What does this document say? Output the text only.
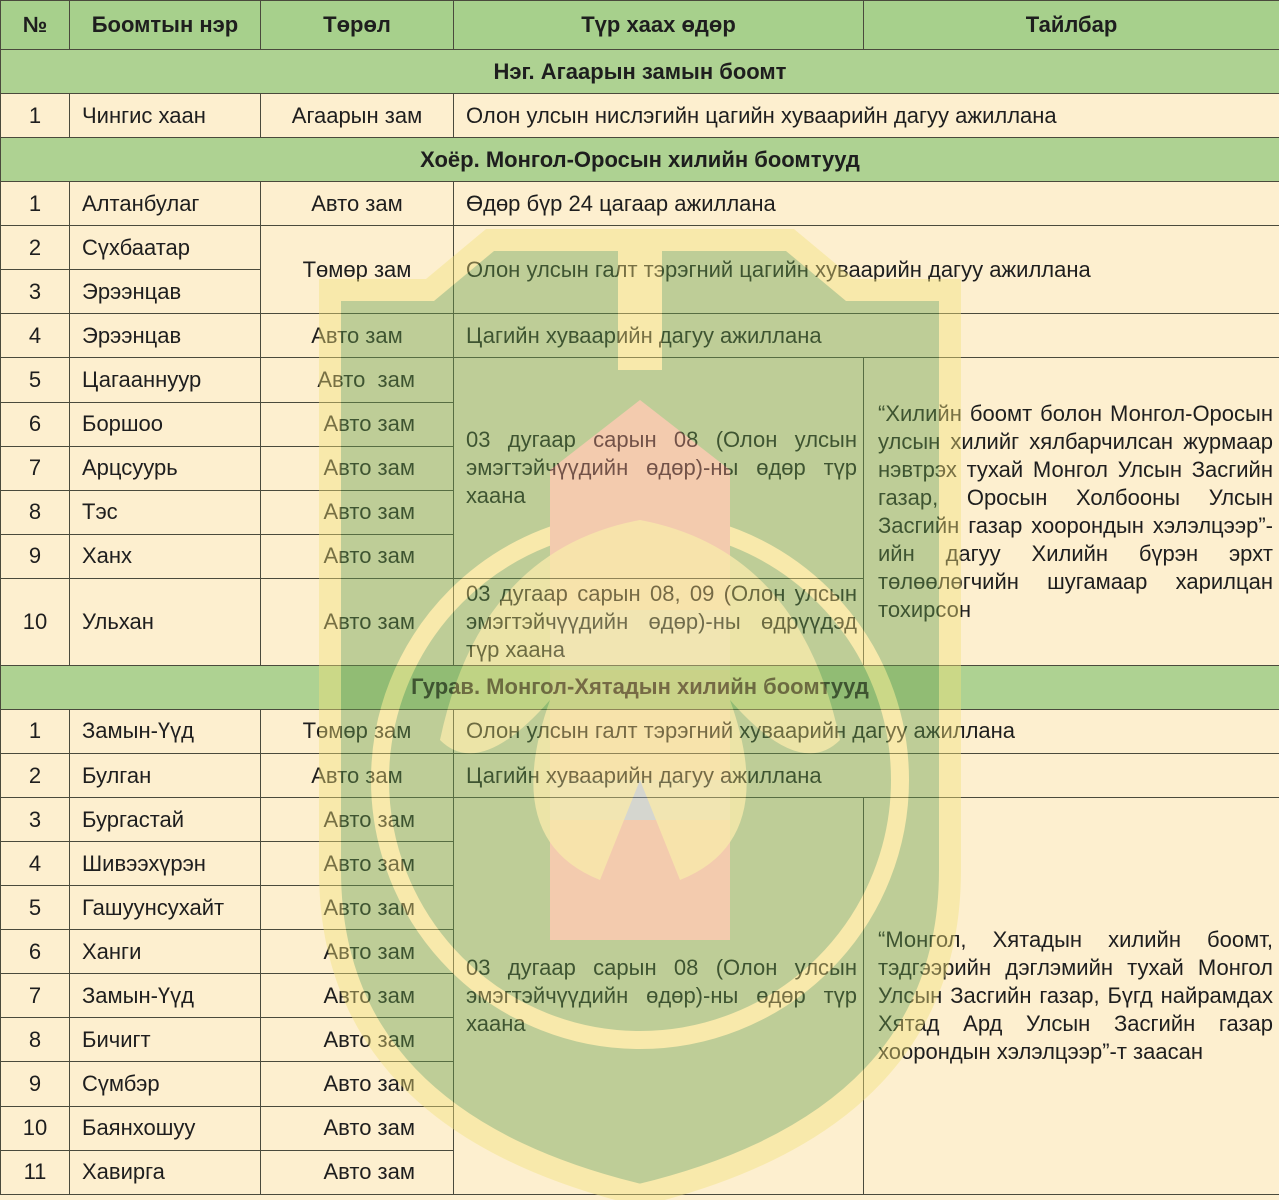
№	Боомтын нэр	Төрөл	Түр хаах өдөр	Тайлбар
Нэг. Агаарын замын боомт				
1	Чингис хаан	Агаарын зам	Олон улсын нислэгийн цагийн хуваарийн дагуу ажиллана	
Хоёр. Монгол-Оросын хилийн боомтууд				
1	Алтанбулаг	Авто зам	Өдөр бүр 24 цагаар ажиллана	
2	Сүхбаатар	Төмөр зам	Олон улсын галт тэрэгний цагийн хуваарийн дагуу ажиллана	
3	Эрээнцав			
4	Эрээнцав	Авто зам	Цагийн хуваарийн дагуу ажиллана	
5	Цагааннуур	Авто  зам	03 дугаар сарын 08 (Олон улсын эмэгтэйчүүдийн өдөр)-ны өдөр түр хаана	“Хилийн боомт болон Монгол-Оросын улсын хилийг хялбарчилсан журмаар нэвтрэх тухай Монгол Улсын Засгийн газар, Оросын Холбооны Улсын Засгийн газар хоорондын хэлэлцээр”-ийн дагуу Хилийн бүрэн эрхт төлөөлөгчийн шугамаар харилцан тохирсон
6	Боршоо	Авто зам		
7	Арцсуурь	Авто зам		
8	Тэс	Авто зам		
9	Ханх	Авто зам		
10	Ульхан	Авто зам	03 дугаар сарын 08, 09 (Олон улсын эмэгтэйчүүдийн өдөр)-ны өдрүүдэд түр хаана	
Гурав. Монгол-Хятадын хилийн боомтууд				
1	Замын-Үүд	Төмөр зам	Олон улсын галт тэрэгний хуваарийн дагуу ажиллана	
2	Булган	Авто зам	Цагийн хуваарийн дагуу ажиллана	
3	Бургастай	Авто зам	03 дугаар сарын 08 (Олон улсын эмэгтэйчүүдийн өдөр)-ны өдөр түр хаана	“Монгол, Хятадын хилийн боомт, тэдгээрийн дэглэмийн тухай Монгол Улсын Засгийн газар, Бүгд найрамдах Хятад Ард Улсын Засгийн газар хоорондын хэлэлцээр”-т заасан
4	Шивээхүрэн	Авто зам		
5	Гашуунсухайт	Авто зам		
6	Ханги	Авто зам		
7	Замын-Үүд	Авто зам		
8	Бичигт	Авто зам		
9	Сүмбэр	Авто зам		
10	Баянхошуу	Авто зам		
11	Хавирга	Авто зам		
